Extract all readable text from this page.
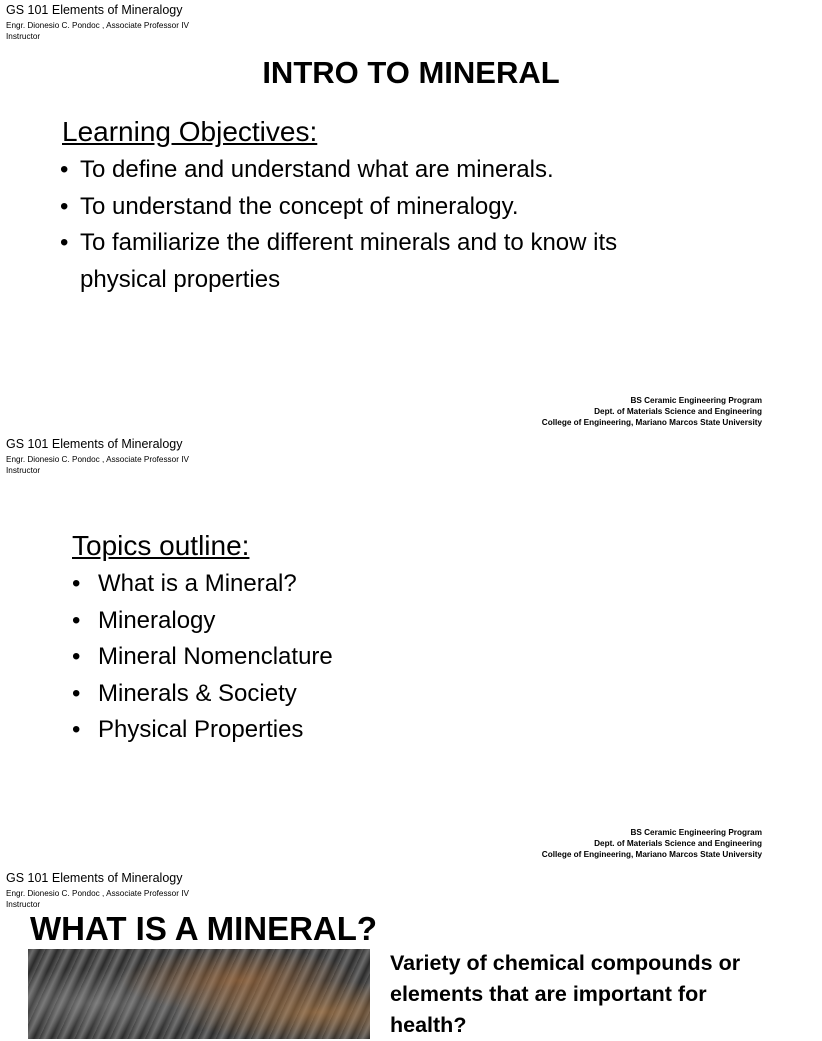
GS 101 Elements of Mineralogy
Engr. Dionesio C. Pondoc , Associate Professor IV
Instructor
INTRO TO MINERAL
Learning Objectives:
• To define and understand what are minerals.
• To understand the concept of mineralogy.
• To familiarize the different minerals and to know its physical properties
BS Ceramic Engineering Program
Dept. of Materials Science and Engineering
College of Engineering, Mariano Marcos State University
GS 101 Elements of Mineralogy
Engr. Dionesio C. Pondoc , Associate Professor IV
Instructor
Topics outline:
• What is a Mineral?
• Mineralogy
• Mineral Nomenclature
• Minerals & Society
• Physical Properties
BS Ceramic Engineering Program
Dept. of Materials Science and Engineering
College of Engineering, Mariano Marcos State University
GS 101 Elements of Mineralogy
Engr. Dionesio C. Pondoc , Associate Professor IV
Instructor
WHAT IS A MINERAL?
Variety of chemical compounds or elements that are important for health?
